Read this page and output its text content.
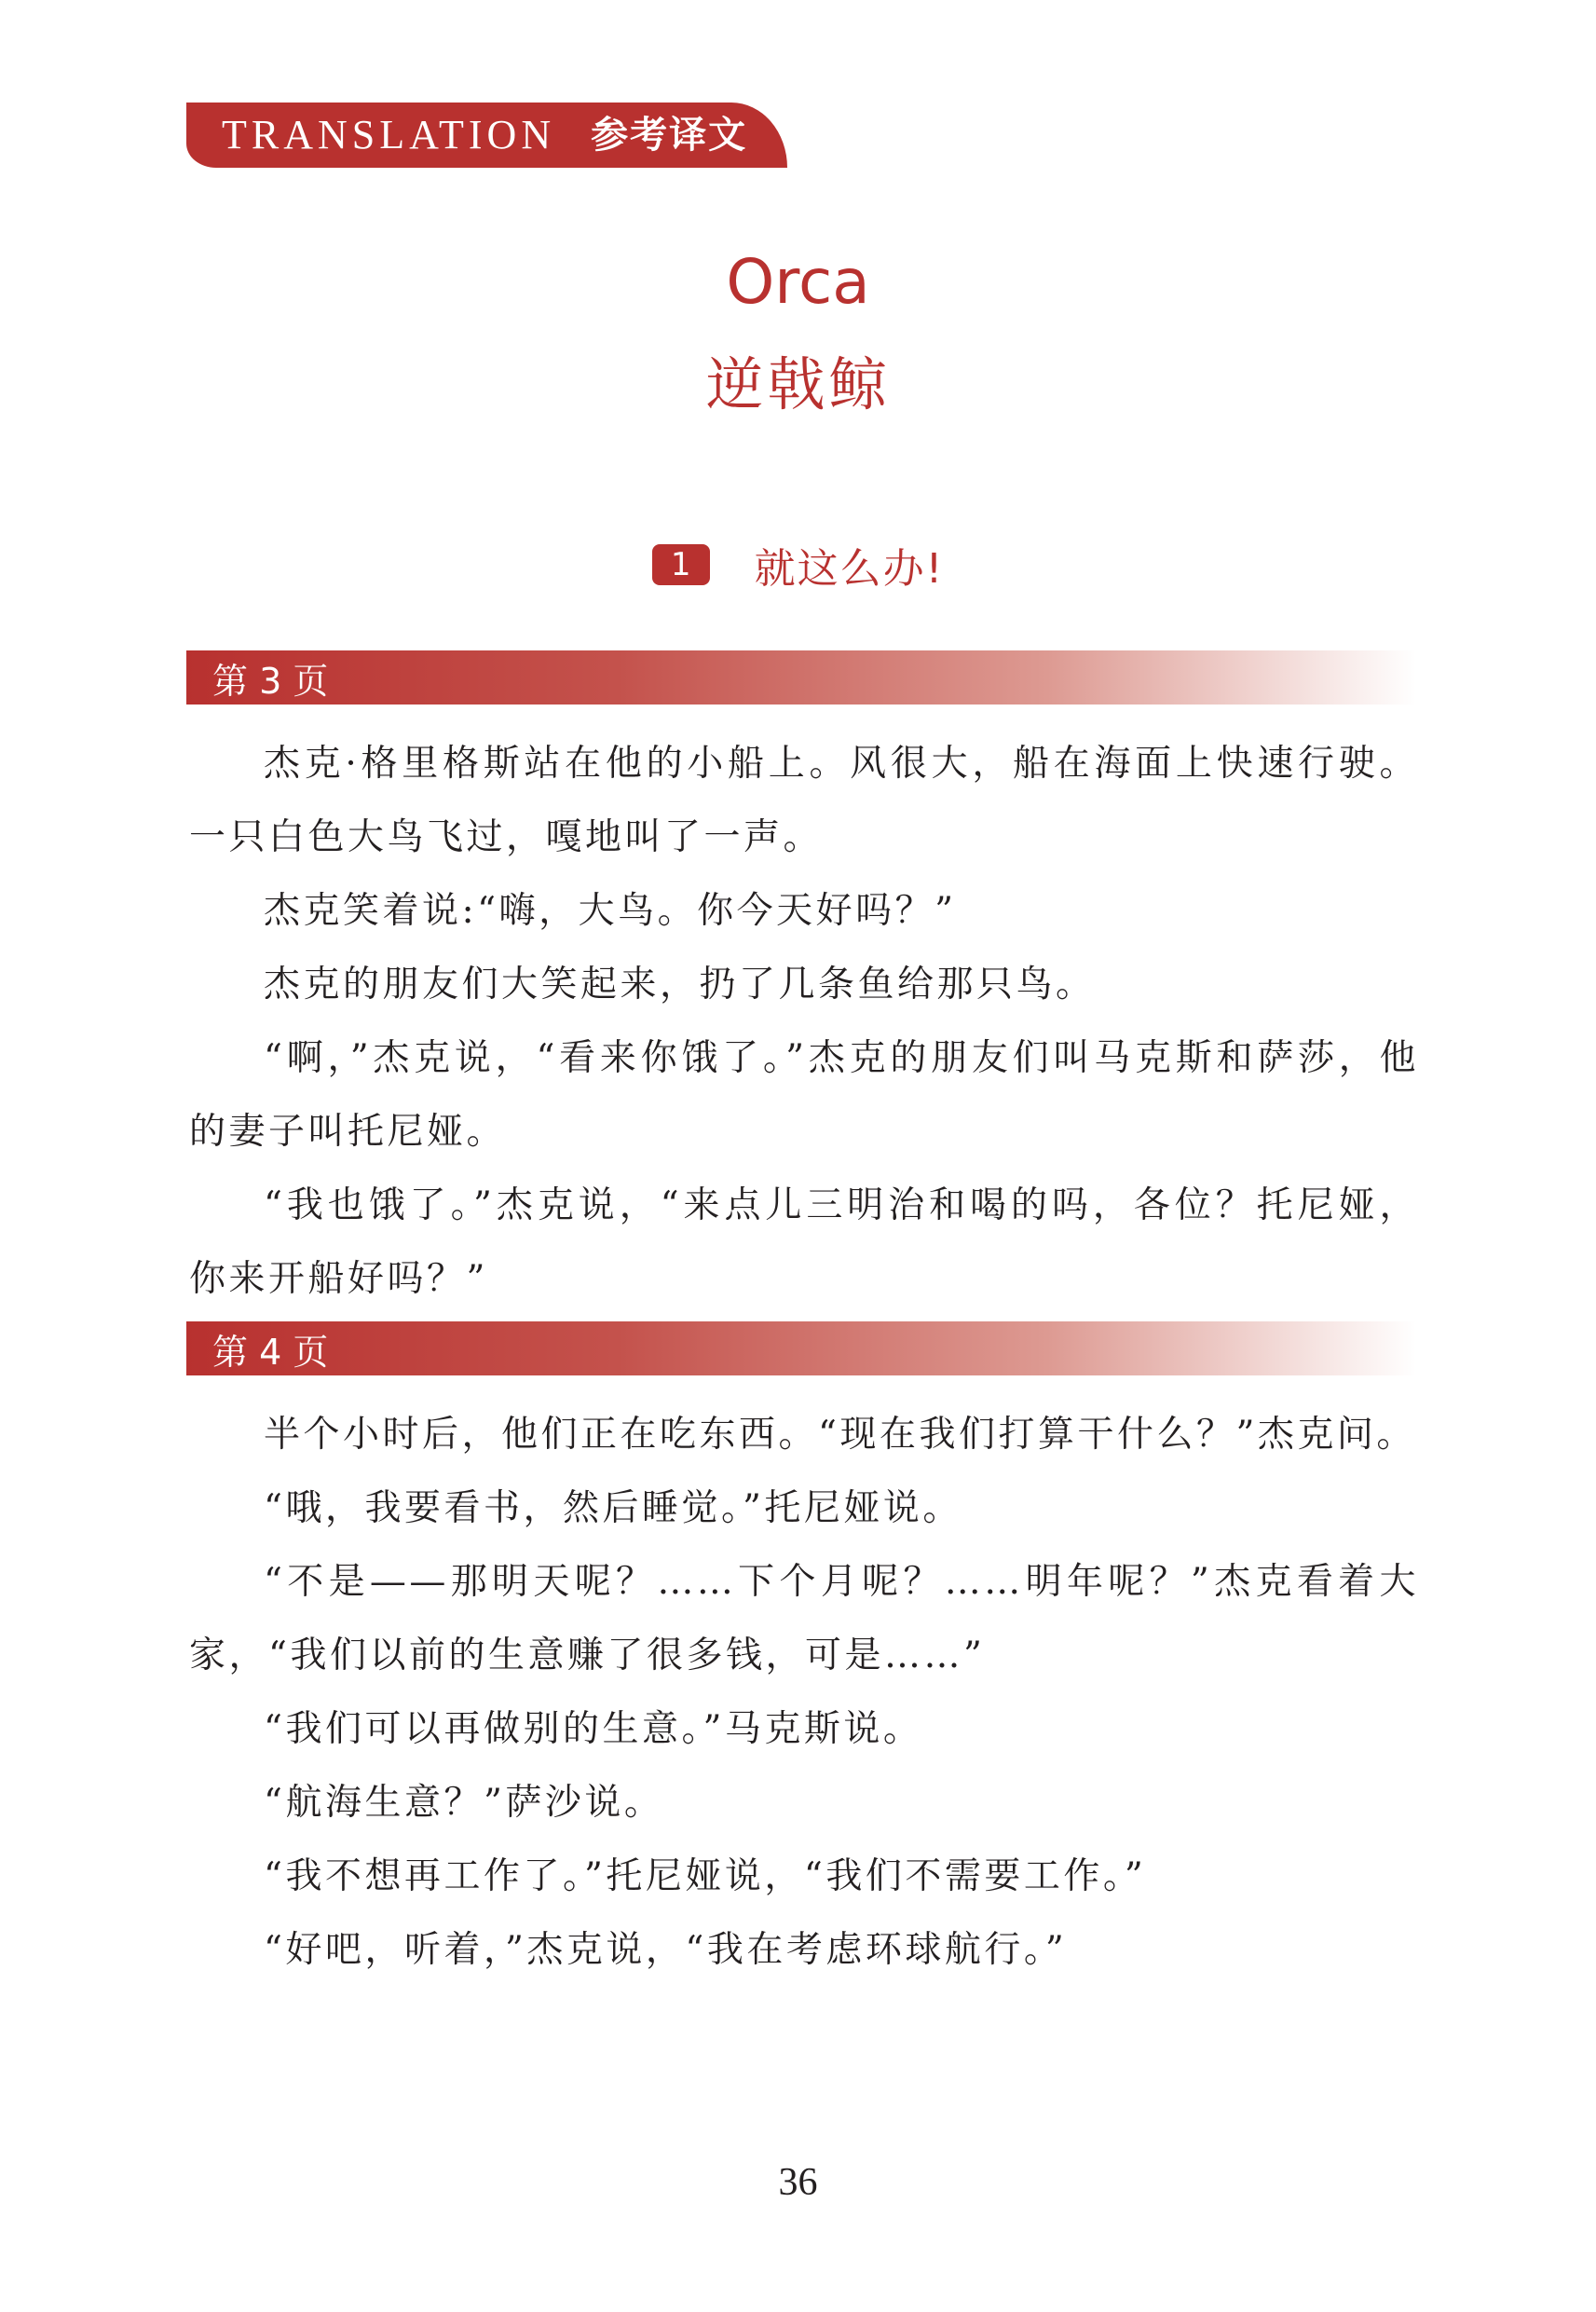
TRANSLATION 参考译文
Orca
逆戟鲸
1	就这么办!
第 3 页

杰克·格里格斯站在他的小船上。风很大，船在海面上快速行驶。一只白色大鸟飞过，嘎地叫了一声。

杰克笑着说:“嗨，大鸟。你今天好吗？”

杰克的朋友们大笑起来，扔了几条鱼给那只鸟。

“啊，”杰克说，“看来你饿了。”杰克的朋友们叫马克斯和萨莎，他的妻子叫托尼娅。

“我也饿了。”杰克说，“来点儿三明治和喝的吗，各位？托尼娅，你来开船好吗？”

第 4 页

半个小时后，他们正在吃东西。“现在我们打算干什么？”杰克问。

“哦，我要看书，然后睡觉。”托尼娅说。

“不是——那明天呢？……下个月呢？……明年呢？”杰克看着大家，“我们以前的生意赚了很多钱，可是……”

“我们可以再做别的生意。”马克斯说。

“航海生意？”萨沙说。

“我不想再工作了。”托尼娅说，“我们不需要工作。”

“好吧，听着，”杰克说，“我在考虑环球航行。”

36
